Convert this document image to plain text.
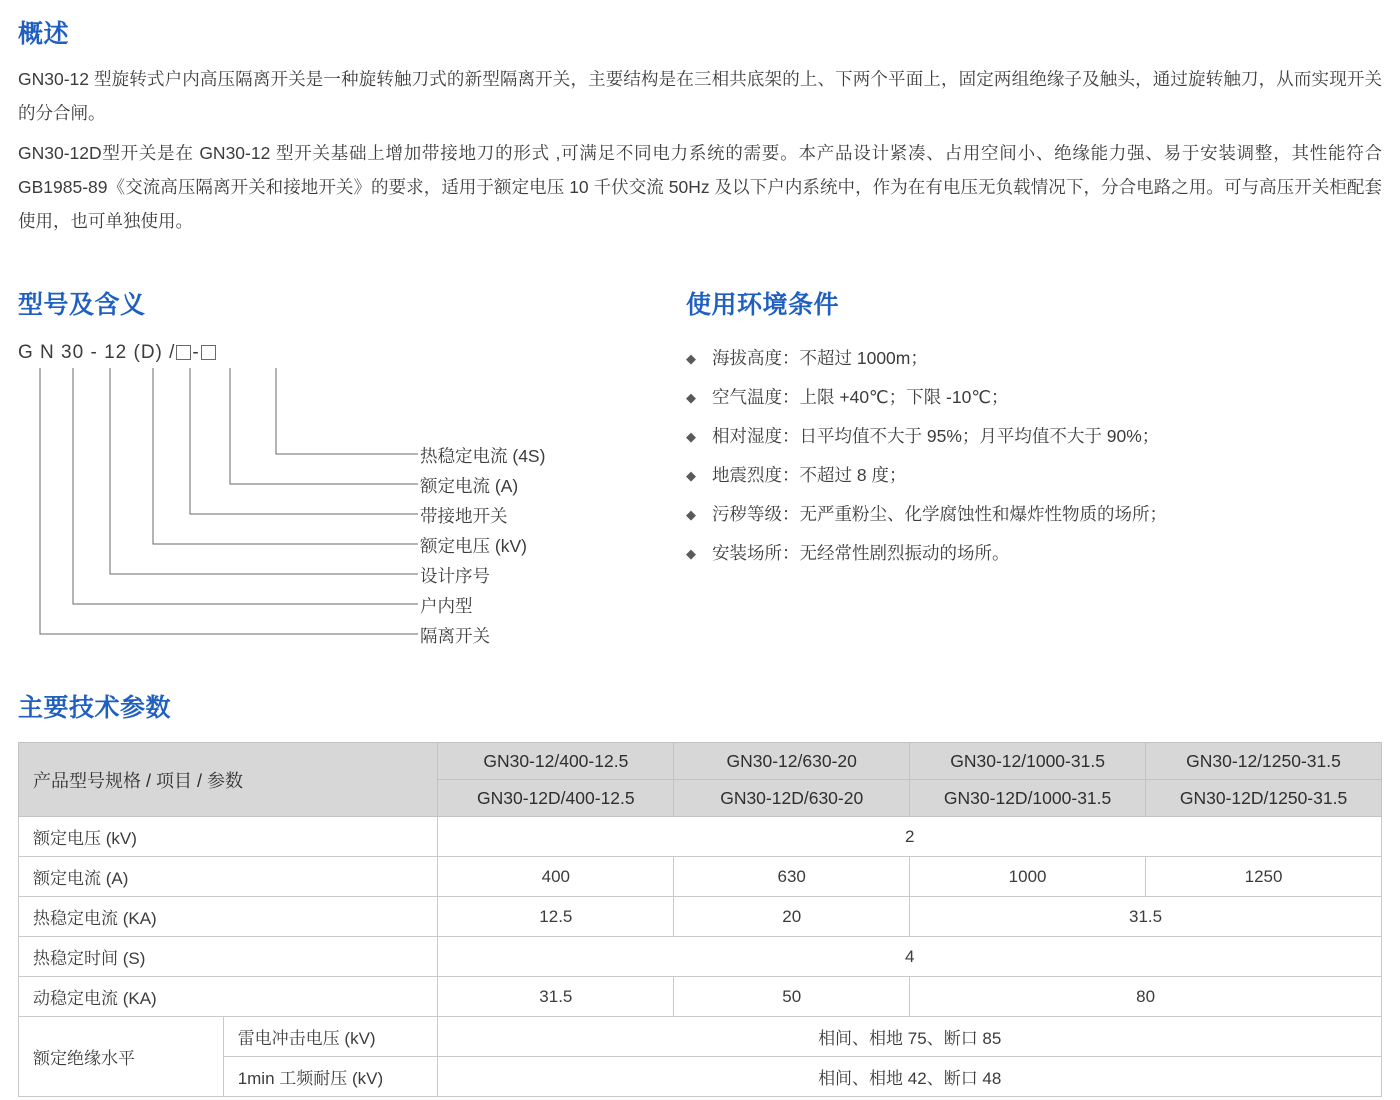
概述

GN30-12 型旋转式户内高压隔离开关是一种旋转触刀式的新型隔离开关，主要结构是在三相共底架的上、下两个平面上，固定两组绝缘子及触头，通过旋转触刀，从而实现开关的分合闸。

GN30-12D型开关是在 GN30-12 型开关基础上增加带接地刀的形式 ,可满足不同电力系统的需要。本产品设计紧凑、占用空间小、绝缘能力强、易于安装调整，其性能符合 GB1985-89《交流高压隔离开关和接地开关》的要求，适用于额定电压 10 千伏交流 50Hz 及以下户内系统中，作为在有电压无负载情况下，分合电路之用。可与高压开关柜配套使用，也可单独使用。

型号及含义
G N 30 - 12 (D) / -
热稳定电流 (4S)
额定电流 (A)
带接地开关
额定电压 (kV)
设计序号
户内型
隔离开关
使用环境条件
◆ 海拔高度：不超过 1000m；
◆ 空气温度：上限 +40℃；下限 -10℃；
◆ 相对湿度：日平均值不大于 95%；月平均值不大于 90%；
◆ 地震烈度：不超过 8 度；
◆ 污秽等级：无严重粉尘、化学腐蚀性和爆炸性物质的场所；
◆ 安装场所：无经常性剧烈振动的场所。
主要技术参数
产品型号规格 / 项目 / 参数		GN30-12/400-12.5	GN30-12/630-20	GN30-12/1000-31.5	GN30-12/1250-31.5
		GN30-12D/400-12.5	GN30-12D/630-20	GN30-12D/1000-31.5	GN30-12D/1250-31.5
额定电压 (kV)		2			
额定电流 (A)		400	630	1000	1250
热稳定电流 (KA)		12.5	20	31.5	
热稳定时间 (S)		4			
动稳定电流 (KA)		31.5	50	80	
额定绝缘水平	雷电冲击电压 (kV)	相间、相地 75、断口 85			
	1min 工频耐压 (kV)	相间、相地 42、断口 48			
